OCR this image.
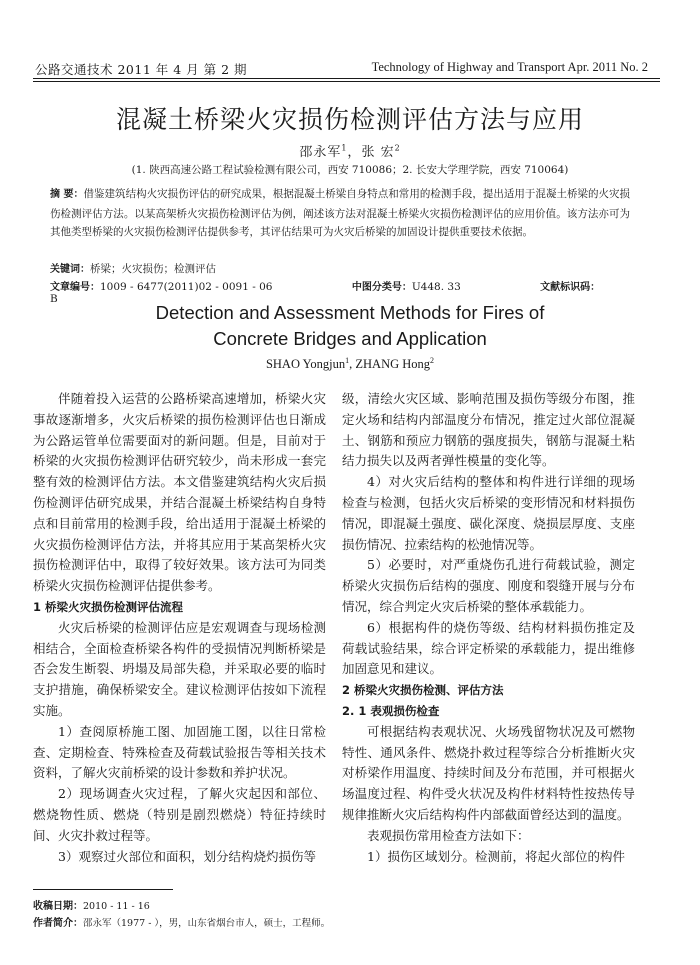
公路交通技术 2011 年 4 月 第 2 期	Technology of Highway and Transport Apr. 2011 No. 2
混凝土桥梁火灾损伤检测评估方法与应用
邵永军$^1$，张 宏$^2$
(1. 陕西高速公路工程试验检测有限公司，西安 710086；2. 长安大学理学院，西安 710064)
摘 要：借鉴建筑结构火灾损伤评估的研究成果，根据混凝土桥梁自身特点和常用的检测手段，提出适用于混凝土桥梁的火灾损伤检测评估方法。以某高架桥火灾损伤检测评估为例，阐述该方法对混凝土桥梁火灾损伤检测评估的应用价值。该方法亦可为其他类型桥梁的火灾损伤检测评估提供参考，其评估结果可为火灾后桥梁的加固设计提供重要技术依据。
关键词：桥梁；火灾损伤；检测评估
文章编号：1009 - 6477(2011)02 - 0091 - 06	中图分类号：U448. 33	文献标识码：B
Detection and Assessment Methods for Fires of
Concrete Bridges and Application
SHAO Yongjun$^1$, ZHANG Hong$^2$

伴随着投入运营的公路桥梁高速增加，桥梁火灾事故逐渐增多，火灾后桥梁的损伤检测评估也日渐成为公路运管单位需要面对的新问题。但是，目前对于桥梁的火灾损伤检测评估研究较少，尚未形成一套完整有效的检测评估方法。本文借鉴建筑结构火灾后损伤检测评估研究成果，并结合混凝土桥梁结构自身特点和目前常用的检测手段，给出适用于混凝土桥梁的火灾损伤检测评估方法，并将其应用于某高架桥火灾损伤检测评估中，取得了较好效果。该方法可为同类桥梁火灾损伤检测评估提供参考。

1 桥梁火灾损伤检测评估流程

火灾后桥梁的检测评估应是宏观调查与现场检测相结合，全面检查桥梁各构件的受损情况判断桥梁是否会发生断裂、坍塌及局部失稳，并采取必要的临时支护措施，确保桥梁安全。建议检测评估按如下流程实施。

1）查阅原桥施工图、加固施工图，以往日常检查、定期检查、特殊检查及荷载试验报告等相关技术资料，了解火灾前桥梁的设计参数和养护状况。

2）现场调查火灾过程，了解火灾起因和部位、燃烧物性质、燃烧（特别是剧烈燃烧）特征持续时间、火灾扑救过程等。

3）观察过火部位和面积，划分结构烧灼损伤等

级，清绘火灾区域、影响范围及损伤等级分布图，推定火场和结构内部温度分布情况，推定过火部位混凝土、钢筋和预应力钢筋的强度损失，钢筋与混凝土粘结力损失以及两者弹性模量的变化等。

4）对火灾后结构的整体和构件进行详细的现场检查与检测，包括火灾后桥梁的变形情况和材料损伤情况，即混凝土强度、碳化深度、烧损层厚度、支座损伤情况、拉索结构的松弛情况等。

5）必要时，对严重烧伤孔进行荷载试验，测定桥梁火灾损伤后结构的强度、刚度和裂缝开展与分布情况，综合判定火灾后桥梁的整体承载能力。

6）根据构件的烧伤等级、结构材料损伤推定及荷载试验结果，综合评定桥梁的承载能力，提出维修加固意见和建议。

2 桥梁火灾损伤检测、评估方法

2. 1 表观损伤检查

可根据结构表观状况、火场残留物状况及可燃物特性、通风条件、燃烧扑救过程等综合分析推断火灾对桥梁作用温度、持续时间及分布范围，并可根据火场温度过程、构件受火状况及构件材料特性按热传导规律推断火灾后结构构件内部截面曾经达到的温度。

表观损伤常用检查方法如下：

1）损伤区域划分。检测前，将起火部位的构件

收稿日期：2010 - 11 - 16
作者简介：邵永军（1977 - ），男，山东省烟台市人，硕士，工程师。
